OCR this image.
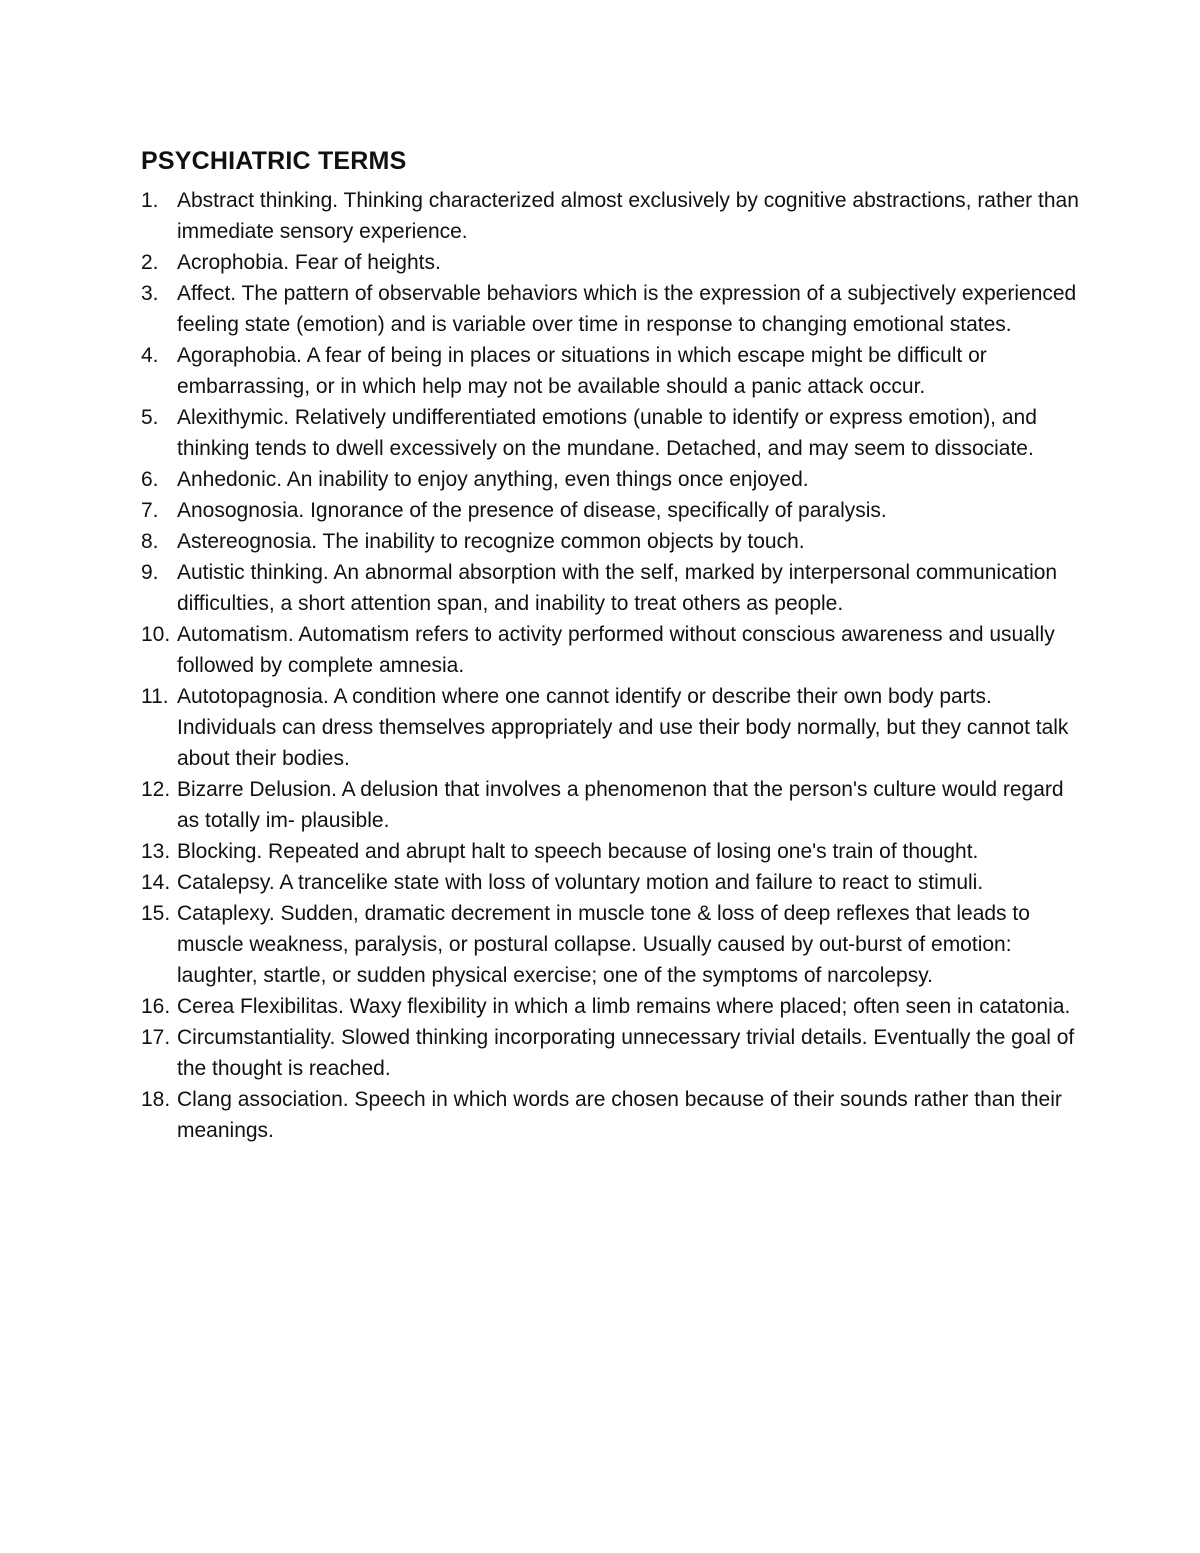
PSYCHIATRIC TERMS
1. Abstract thinking. Thinking characterized almost exclusively by cognitive abstractions, rather than immediate sensory experience.
2. Acrophobia. Fear of heights.
3. Affect. The pattern of observable behaviors which is the expression of a subjectively experienced feeling state (emotion) and is variable over time in response to changing emotional states.
4. Agoraphobia. A fear of being in places or situations in which escape might be difficult or embarrassing, or in which help may not be available should a panic attack occur.
5. Alexithymic. Relatively undifferentiated emotions (unable to identify or express emotion), and thinking tends to dwell excessively on the mundane. Detached, and may seem to dissociate.
6. Anhedonic. An inability to enjoy anything, even things once enjoyed.
7. Anosognosia. Ignorance of the presence of disease, specifically of paralysis.
8. Astereognosia. The inability to recognize common objects by touch.
9. Autistic thinking. An abnormal absorption with the self, marked by interpersonal communication difficulties, a short attention span, and inability to treat others as people.
10. Automatism. Automatism refers to activity performed without conscious awareness and usually followed by complete amnesia.
11. Autotopagnosia. A condition where one cannot identify or describe their own body parts. Individuals can dress themselves appropriately and use their body normally, but they cannot talk about their bodies.
12. Bizarre Delusion. A delusion that involves a phenomenon that the person's culture would regard as totally im- plausible.
13. Blocking. Repeated and abrupt halt to speech because of losing one's train of thought.
14. Catalepsy. A trancelike state with loss of voluntary motion and failure to react to stimuli.
15. Cataplexy. Sudden, dramatic decrement in muscle tone & loss of deep reflexes that leads to muscle weakness, paralysis, or postural collapse. Usually caused by out-burst of emotion: laughter, startle, or sudden physical exercise; one of the symptoms of narcolepsy.
16. Cerea Flexibilitas. Waxy flexibility in which a limb remains where placed; often seen in catatonia.
17. Circumstantiality. Slowed thinking incorporating unnecessary trivial details. Eventually the goal of the thought is reached.
18. Clang association. Speech in which words are chosen because of their sounds rather than their meanings.
